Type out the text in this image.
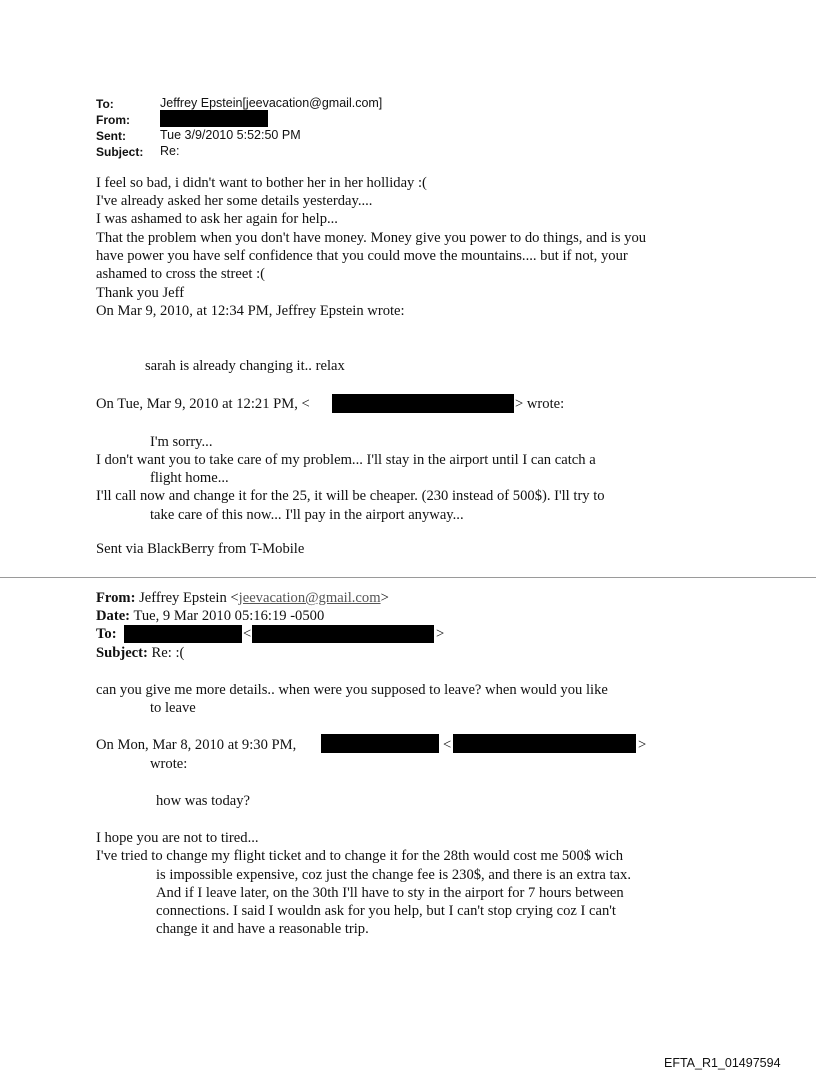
To:	Jeffrey Epstein[jeevacation@gmail.com]
From:
Sent:	Tue 3/9/2010 5:52:50 PM
Subject: Re:
I feel so bad, i didn't want to bother her in her holliday :(
I've already asked her some details yesterday....
I was ashamed to ask her again for help...
That the problem when you don't have money. Money give you power to do things, and is you
have power you have self confidence that you could move the mountains.... but if not, your
ashamed to cross the street :(
Thank you Jeff
On Mar 9, 2010, at 12:34 PM, Jeffrey Epstein wrote:
sarah is already changing it.. relax
On Tue, Mar 9, 2010 at 12:21 PM, <	> wrote:
I'm sorry...
I don't want you to take care of my problem... I'll stay in the airport until I can catch a
flight home...
I'll call now and change it for the 25, it will be cheaper. (230 instead of 500$). I'll try to
take care of this now... I'll pay in the airport anyway...
Sent via BlackBerry from T-Mobile
From: Jeffrey Epstein <jeevacation@gmail.com>
Date: Tue, 9 Mar 2010 05:16:19 -0500
To:	<	>
Subject: Re: :(
can you give me more details.. when were you supposed to leave? when would you like
to leave
On Mon, Mar 8, 2010 at 9:30 PM,	<	>
wrote:
how was today?
I hope you are not to tired...
I've tried to change my flight ticket and to change it for the 28th would cost me 500$ wich
is impossible expensive, coz just the change fee is 230$, and there is an extra tax.
And if I leave later, on the 30th I'll have to sty in the airport for 7 hours between
connections. I said I wouldn ask for you help, but I can't stop crying coz I can't
change it and have a reasonable trip.
EFTA_R1_01497594
